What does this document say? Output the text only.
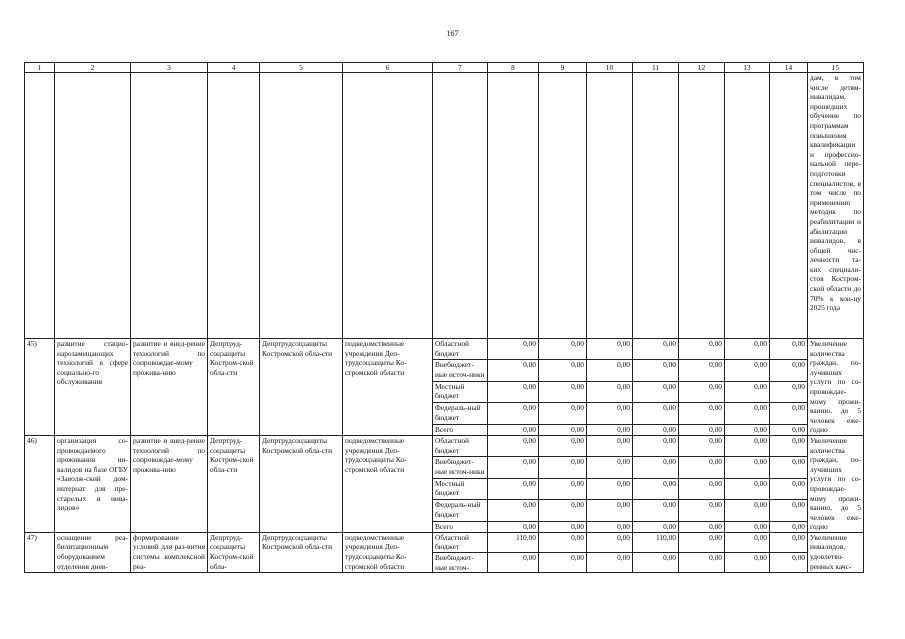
167
1	2	3	4	5	6	7	8	9	10	11	12	13	14	15
														дам, в том числе детям-инвалидам, прошедших обучение по программам повышения квалификации и профессио-нальной пере-подготовки специалистов, в том числе по применению методик по реабилитации и абилитации инвалидов, в общей чис-ленности та-ких специали-стов Костром-ской области до 70% к кон-цу 2025 года
45)	развитие стацио-нарозамещающих технологий в сфере социально-го обслуживания	развитие и внед-рение технологий по сопровождае-мому прожива-нию	Депртруд-соцзащиты Костром-ской обла-сти	Депртрудсоцзащиты Костромской обла-сти	подведомственные учреждения Деп-трудсоцзащиты Ко-стромской области	Областной бюджет	0,00	0,00	0,00	0,00	0,00	0,00	0,00	Увеличение количества граждан, по-лучивших услуги по со-провождае-мому прожи-ванию, до 5 человек еже-годно
						Внебюджет-ные источ-ники	0,00	0,00	0,00	0,00	0,00	0,00	0,00	
						Местный бюджет	0,00	0,00	0,00	0,00	0,00	0,00	0,00	
						Федераль-ный бюджет	0,00	0,00	0,00	0,00	0,00	0,00	0,00	
						Всего	0,00	0,00	0,00	0,00	0,00	0,00	0,00	
46)	организация со-провождаемого проживания ин-валидов на базе ОГБУ «Заволж-ский дом-интернат для пре-старелых и инва-лидов»	развитие и внед-рение технологий по сопровождае-мому прожива-нию	Депртруд-соцзащиты Костром-ской обла-сти	Депртрудсоцзащиты Костромской обла-сти	подведомственные учреждения Деп-трудсоцзащиты Ко-стромской области	Областной бюджет	0,00	0,00	0,00	0,00	0,00	0,00	0,00	Увеличение количества граждан, по-лучивших услуги по со-провождае-мому прожи-ванию, до 5 человек еже-годно
						Внебюджет-ные источ-ники	0,00	0,00	0,00	0,00	0,00	0,00	0,00	
						Местный бюджет	0,00	0,00	0,00	0,00	0,00	0,00	0,00	
						Федераль-ный бюджет	0,00	0,00	0,00	0,00	0,00	0,00	0,00	
						Всего	0,00	0,00	0,00	0,00	0,00	0,00	0,00	
47)	оснащение реа-билитационным оборудованием отделения днев-	формирование условий для раз-вития системы комплексной реа-	Депртруд-соцзащиты Костром-ской обла-	Депртрудсоцзащиты Костромской обла-сти	подведомственные учреждения Деп-трудсоцзащиты Ко-стромской области	Областной бюджет	110,00	0,00	0,00	110,00	0,00	0,00	0,00	Увеличение инвалидов, удовлетво-ренных качс-
						Внебюджет-ные источ-	0,00	0,00	0,00	0,00	0,00	0,00	0,00	
